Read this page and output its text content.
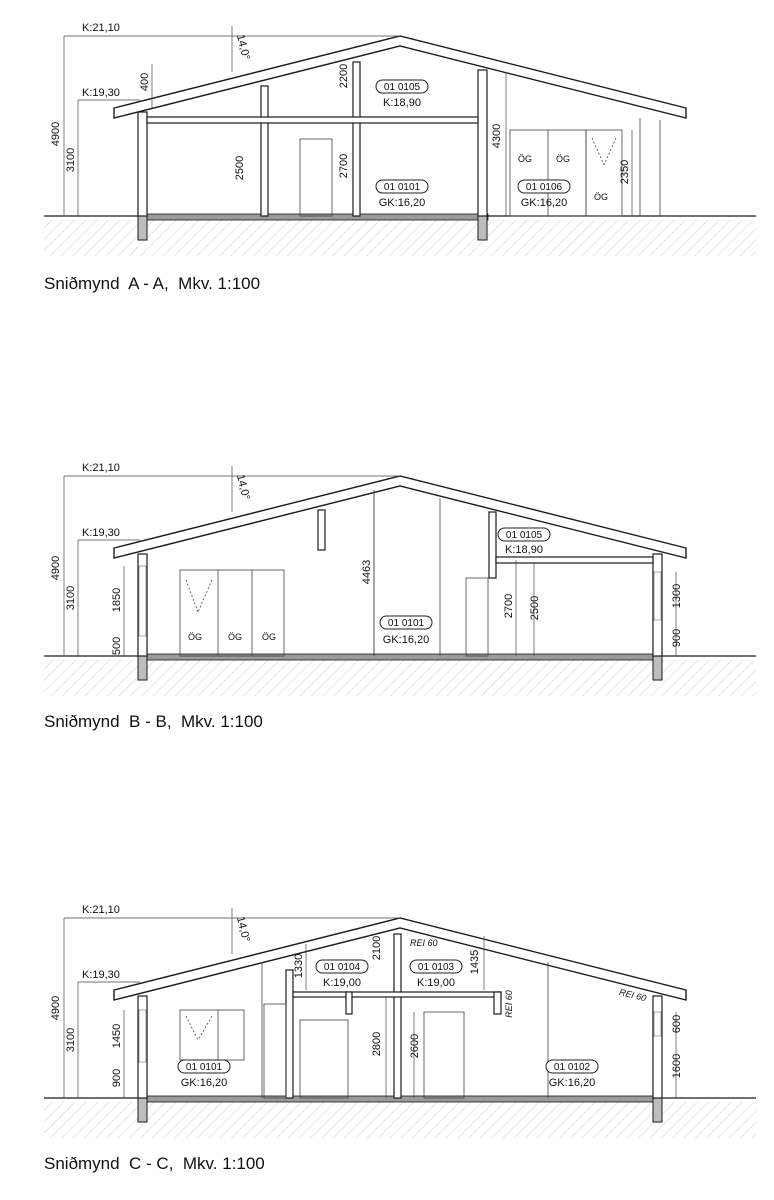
ÖG	ÖG
ÖG
K:21,10
K:19,30
4900
3100
400
14,0°
2200
2500	2700
4300
2350
01 0105
K:18,90
01 0101
GK:16,20
01 0106
GK:16,20
ÖG	ÖG ÖG
K:21,10
K:19,30
4900
3100
14,0°
1850
500
4463
2700 2500	1300
900
01 0105
K:18,90
01 0101
GK:16,20
REI 60
REI 60	REI 60
K:21,10
K:19,30
4900
3100
14,0°
1450
900
1330
2100
1435
2800 2600
600
1600
01 0104
K:19,00
01 0103
K:19,00
01 0101
GK:16,20
01 0102
GK:16,20
Sniðmynd  A - A,  Mkv. 1:100
Sniðmynd  B - B,  Mkv. 1:100
Sniðmynd  C - C,  Mkv. 1:100
